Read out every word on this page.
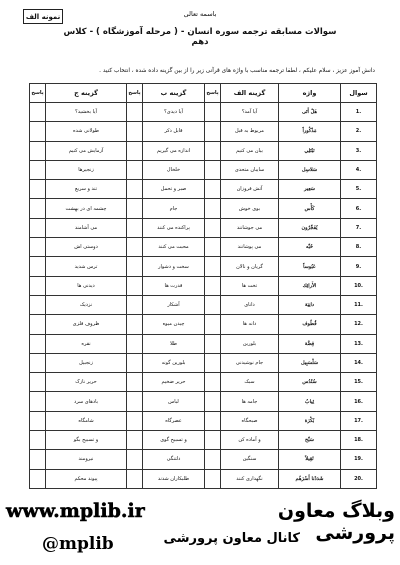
نمونه الف	باسمه تعالی
سوالات مسابقه ترجمه سوره انسان - ( مرحله آموزشگاه ) - کلاس دهم
دانش آموز عزیز ، سلام علیکم ، لطفا ترجمه مناسب با واژه های قرآنی زیر را از بین گزینه داده شده ، انتخاب کنید .
سوال	واژه	گزینه الف	پاسخ	گزینه ب	پاسخ	گزینه ج	پاسخ
.1	هَلْ أَتَى	آیا آمد؟		آیا دیدی؟		آیا بخشید؟	
.2	مَذْكُوراً	مربوط به قبل		قابل ذکر		طولانی شده	
.3	نَبْتَلِي	بیان می کنیم		اندازه می گیریم		آزمایش می کنیم	
.4	سَلاسِل	سایبان متحدی		خلخال		زنجیرها	
.5	سَعِير	آتش فروزان		صبر و تحمل		تند و سریع	
.6	كَأْس	بوی خوش		جام		چشمه ای در بهشت	
.7	يُفَجِّرُون	می جوشانند		پراکنده می کنند		می آشامند	
.8	حُبِّه	می پوشانند		محبت می کنند		دوستی اش	
.9	عَبُوساً	گریان و نالان		سخت و دشوار		ترس شدید	
.10	الأَرائِك	تخت ها		قدرت ها		دیدنی ها	
.11	دانِيَة	دانای		آشکار		نزدیک	
.12	قُطُوف	دانه ها		چیدن میوه		ظروف فلزی	
.13	فِضَّة	بلورین		طلا		نقره	
.14	سَلْسَبِيل	جام نوشیدنی		بلورین گونه		زنجبیل	
.15	سُنْدُس	سبک		حریر ضخیم		حریر نازک	
.16	ثِيابٌ	جامه ها		لباس		بادهای سرد	
.17	بُكْرَة	صبحگاه		عصرگاه		شامگاه	
.18	سَبِّح	و آماده کن		و تسبیح گوی		و تسبیح بگو	
.19	ثَقِيلاً	سنگین		دلتنگی		نیرومند	
.20	شَدَدْنا أَسْرَهُم	نگهداری کنند		طلبکاران شدند		پیوند محکم	
www.mplib.ir	وبلاگ معاون پرورشی
کانال معاون پرورشی
@mplib
